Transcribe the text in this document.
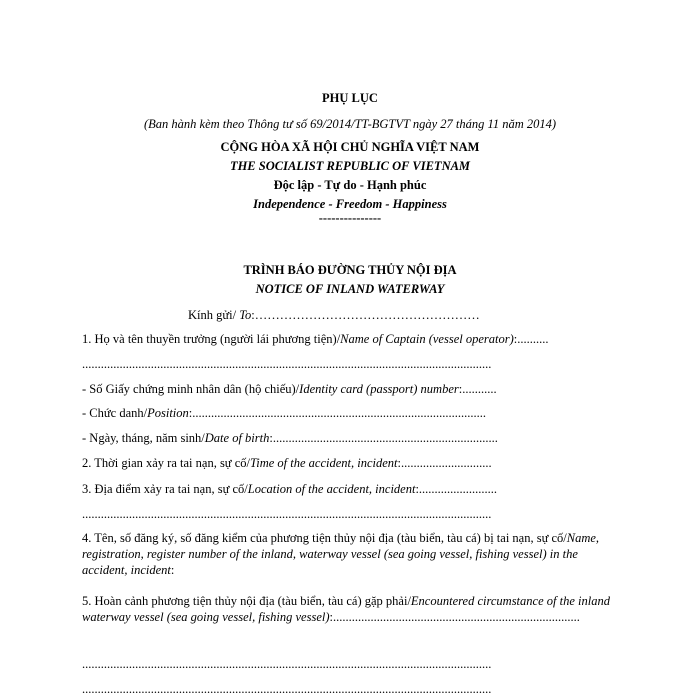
PHỤ LỤC
(Ban hành kèm theo Thông tư số 69/2014/TT-BGTVT ngày 27 tháng 11 năm 2014)
CỘNG HÒA XÃ HỘI CHỦ NGHĨA VIỆT NAM
THE SOCIALIST REPUBLIC OF VIETNAM
Độc lập - Tự do - Hạnh phúc
Independence - Freedom - Happiness
---------------
TRÌNH BÁO ĐƯỜNG THỦY NỘI ĐỊA
NOTICE OF INLAND WATERWAY
Kính gửi/ To:………………………………………………
1. Họ và tên thuyền trưởng (người lái phương tiện)/Name of Captain (vessel operator):..........
...................................................................................................................................
- Số Giấy chứng minh nhân dân (hộ chiếu)/Identity card (passport) number:...........
- Chức danh/Position:..............................................................................................
- Ngày, tháng, năm sinh/Date of birth:........................................................................
2. Thời gian xảy ra tai nạn, sự cố/Time of the accident, incident:.............................
3. Địa điểm xảy ra tai nạn, sự cố/Location of the accident, incident:.........................
...................................................................................................................................
4. Tên, số đăng ký, số đăng kiểm của phương tiện thủy nội địa (tàu biển, tàu cá) bị tai nạn, sự cố/Name, registration, register number of the inland, waterway vessel (sea going vessel, fishing vessel) in the accident, incident:
5. Hoàn cảnh phương tiện thủy nội địa (tàu biển, tàu cá) gặp phải/Encountered circumstance of the inland waterway vessel (sea going vessel, fishing vessel):...............................................................................
...................................................................................................................................
...................................................................................................................................
